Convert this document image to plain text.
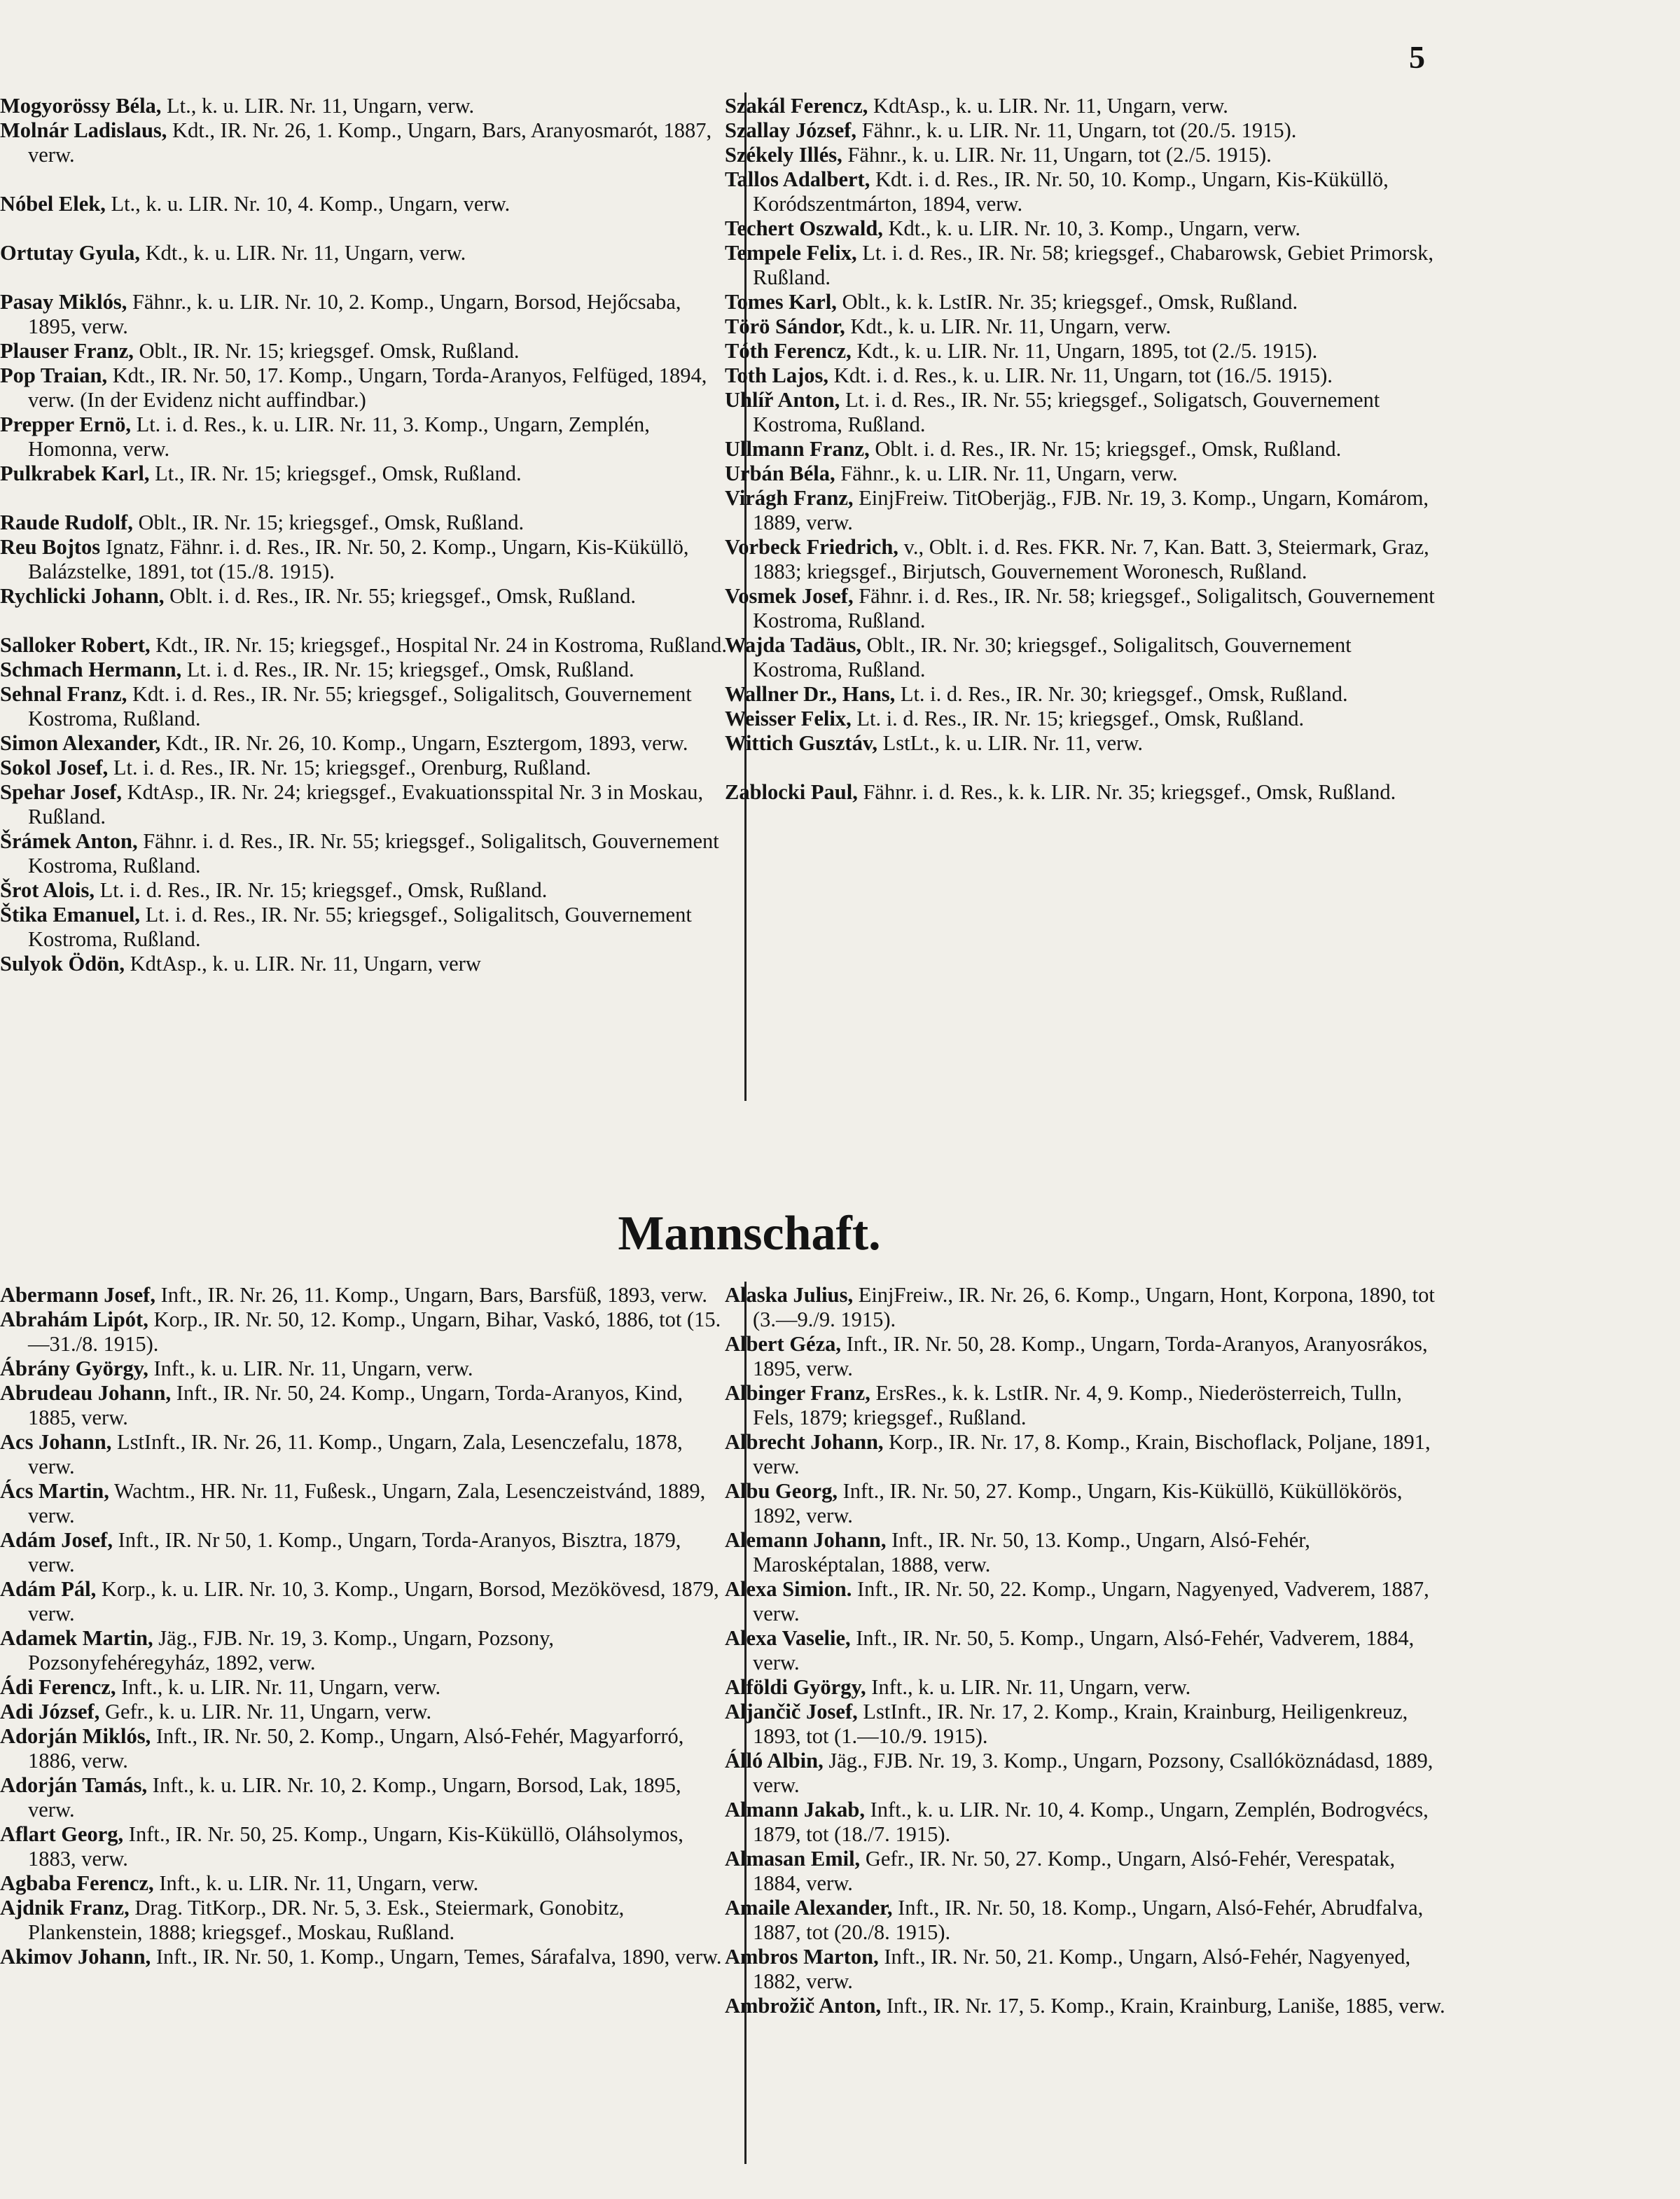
5
Mogyorössy Béla, Lt., k. u. LIR. Nr. 11, Ungarn, verw.
Molnár Ladislaus, Kdt., IR. Nr. 26, 1. Komp., Ungarn, Bars, Aranyosmarót, 1887, verw.
Nóbel Elek, Lt., k. u. LIR. Nr. 10, 4. Komp., Ungarn, verw.
Ortutay Gyula, Kdt., k. u. LIR. Nr. 11, Ungarn, verw.
Pasay Miklós, Fähnr., k. u. LIR. Nr. 10, 2. Komp., Ungarn, Borsod, Hejőcsaba, 1895, verw.
Plauser Franz, Oblt., IR. Nr. 15; kriegsgef. Omsk, Rußland.
Pop Traian, Kdt., IR. Nr. 50, 17. Komp., Ungarn, Torda-Aranyos, Felfüged, 1894, verw. (In der Evidenz nicht auffindbar.)
Prepper Ernö, Lt. i. d. Res., k. u. LIR. Nr. 11, 3. Komp., Ungarn, Zemplén, Homonna, verw.
Pulkrabek Karl, Lt., IR. Nr. 15; kriegsgef., Omsk, Rußland.
Raude Rudolf, Oblt., IR. Nr. 15; kriegsgef., Omsk, Rußland.
Reu Bojtos Ignatz, Fähnr. i. d. Res., IR. Nr. 50, 2. Komp., Ungarn, Kis-Küküllö, Balázstelke, 1891, tot (15./8. 1915).
Rychlicki Johann, Oblt. i. d. Res., IR. Nr. 55; kriegsgef., Omsk, Rußland.
Salloker Robert, Kdt., IR. Nr. 15; kriegsgef., Hospital Nr. 24 in Kostroma, Rußland.
Schmach Hermann, Lt. i. d. Res., IR. Nr. 15; kriegsgef., Omsk, Rußland.
Sehnal Franz, Kdt. i. d. Res., IR. Nr. 55; kriegsgef., Soligalitsch, Gouvernement Kostroma, Rußland.
Simon Alexander, Kdt., IR. Nr. 26, 10. Komp., Ungarn, Esztergom, 1893, verw.
Sokol Josef, Lt. i. d. Res., IR. Nr. 15; kriegsgef., Orenburg, Rußland.
Spehar Josef, KdtAsp., IR. Nr. 24; kriegsgef., Evakuationsspital Nr. 3 in Moskau, Rußland.
Šrámek Anton, Fähnr. i. d. Res., IR. Nr. 55; kriegsgef., Soligalitsch, Gouvernement Kostroma, Rußland.
Šrot Alois, Lt. i. d. Res., IR. Nr. 15; kriegsgef., Omsk, Rußland.
Štika Emanuel, Lt. i. d. Res., IR. Nr. 55; kriegsgef., Soligalitsch, Gouvernement Kostroma, Rußland.
Sulyok Ödön, KdtAsp., k. u. LIR. Nr. 11, Ungarn, verw
Szakál Ferencz, KdtAsp., k. u. LIR. Nr. 11, Ungarn, verw.
Szallay József, Fähnr., k. u. LIR. Nr. 11, Ungarn, tot (20./5. 1915).
Székely Illés, Fähnr., k. u. LIR. Nr. 11, Ungarn, tot (2./5. 1915).
Tallos Adalbert, Kdt. i. d. Res., IR. Nr. 50, 10. Komp., Ungarn, Kis-Küküllö, Koródszentmárton, 1894, verw.
Techert Oszwald, Kdt., k. u. LIR. Nr. 10, 3. Komp., Ungarn, verw.
Tempele Felix, Lt. i. d. Res., IR. Nr. 58; kriegsgef., Chabarowsk, Gebiet Primorsk, Rußland.
Tomes Karl, Oblt., k. k. LstIR. Nr. 35; kriegsgef., Omsk, Rußland.
Törö Sándor, Kdt., k. u. LIR. Nr. 11, Ungarn, verw.
Tóth Ferencz, Kdt., k. u. LIR. Nr. 11, Ungarn, 1895, tot (2./5. 1915).
Toth Lajos, Kdt. i. d. Res., k. u. LIR. Nr. 11, Ungarn, tot (16./5. 1915).
Uhlíř Anton, Lt. i. d. Res., IR. Nr. 55; kriegsgef., Soligatsch, Gouvernement Kostroma, Rußland.
Ullmann Franz, Oblt. i. d. Res., IR. Nr. 15; kriegsgef., Omsk, Rußland.
Urbán Béla, Fähnr., k. u. LIR. Nr. 11, Ungarn, verw.
Virágh Franz, EinjFreiw. TitOberjäg., FJB. Nr. 19, 3. Komp., Ungarn, Komárom, 1889, verw.
Vorbeck Friedrich, v., Oblt. i. d. Res. FKR. Nr. 7, Kan. Batt. 3, Steiermark, Graz, 1883; kriegsgef., Birjutsch, Gouvernement Woronesch, Rußland.
Vosmek Josef, Fähnr. i. d. Res., IR. Nr. 58; kriegsgef., Soligalitsch, Gouvernement Kostroma, Rußland.
Wajda Tadäus, Oblt., IR. Nr. 30; kriegsgef., Soligalitsch, Gouvernement Kostroma, Rußland.
Wallner Dr., Hans, Lt. i. d. Res., IR. Nr. 30; kriegsgef., Omsk, Rußland.
Weisser Felix, Lt. i. d. Res., IR. Nr. 15; kriegsgef., Omsk, Rußland.
Wittich Gusztáv, LstLt., k. u. LIR. Nr. 11, verw.
Zablocki Paul, Fähnr. i. d. Res., k. k. LIR. Nr. 35; kriegsgef., Omsk, Rußland.
Mannschaft.
Abermann Josef, Inft., IR. Nr. 26, 11. Komp., Ungarn, Bars, Barsfüß, 1893, verw.
Abrahám Lipót, Korp., IR. Nr. 50, 12. Komp., Ungarn, Bihar, Vaskó, 1886, tot (15.—31./8. 1915).
Ábrány György, Inft., k. u. LIR. Nr. 11, Ungarn, verw.
Abrudeau Johann, Inft., IR. Nr. 50, 24. Komp., Ungarn, Torda-Aranyos, Kind, 1885, verw.
Acs Johann, LstInft., IR. Nr. 26, 11. Komp., Ungarn, Zala, Lesenczefalu, 1878, verw.
Ács Martin, Wachtm., HR. Nr. 11, Fußesk., Ungarn, Zala, Lesenczeistvánd, 1889, verw.
Adám Josef, Inft., IR. Nr 50, 1. Komp., Ungarn, Torda-Aranyos, Bisztra, 1879, verw.
Adám Pál, Korp., k. u. LIR. Nr. 10, 3. Komp., Ungarn, Borsod, Mezökövesd, 1879, verw.
Adamek Martin, Jäg., FJB. Nr. 19, 3. Komp., Ungarn, Pozsony, Pozsonyfehéregyház, 1892, verw.
Ádi Ferencz, Inft., k. u. LIR. Nr. 11, Ungarn, verw.
Adi József, Gefr., k. u. LIR. Nr. 11, Ungarn, verw.
Adorján Miklós, Inft., IR. Nr. 50, 2. Komp., Ungarn, Alsó-Fehér, Magyarforró, 1886, verw.
Adorján Tamás, Inft., k. u. LIR. Nr. 10, 2. Komp., Ungarn, Borsod, Lak, 1895, verw.
Aflart Georg, Inft., IR. Nr. 50, 25. Komp., Ungarn, Kis-Küküllö, Oláhsolymos, 1883, verw.
Agbaba Ferencz, Inft., k. u. LIR. Nr. 11, Ungarn, verw.
Ajdnik Franz, Drag. TitKorp., DR. Nr. 5, 3. Esk., Steiermark, Gonobitz, Plankenstein, 1888; kriegsgef., Moskau, Rußland.
Akimov Johann, Inft., IR. Nr. 50, 1. Komp., Ungarn, Temes, Sárafalva, 1890, verw.
Alaska Julius, EinjFreiw., IR. Nr. 26, 6. Komp., Ungarn, Hont, Korpona, 1890, tot (3.—9./9. 1915).
Albert Géza, Inft., IR. Nr. 50, 28. Komp., Ungarn, Torda-Aranyos, Aranyosrákos, 1895, verw.
Albinger Franz, ErsRes., k. k. LstIR. Nr. 4, 9. Komp., Niederösterreich, Tulln, Fels, 1879; kriegsgef., Rußland.
Albrecht Johann, Korp., IR. Nr. 17, 8. Komp., Krain, Bischoflack, Poljane, 1891, verw.
Albu Georg, Inft., IR. Nr. 50, 27. Komp., Ungarn, Kis-Küküllö, Küküllökörös, 1892, verw.
Alemann Johann, Inft., IR. Nr. 50, 13. Komp., Ungarn, Alsó-Fehér, Marosképtalan, 1888, verw.
Alexa Simion. Inft., IR. Nr. 50, 22. Komp., Ungarn, Nagyenyed, Vadverem, 1887, verw.
Alexa Vaselie, Inft., IR. Nr. 50, 5. Komp., Ungarn, Alsó-Fehér, Vadverem, 1884, verw.
Alföldi György, Inft., k. u. LIR. Nr. 11, Ungarn, verw.
Aljančič Josef, LstInft., IR. Nr. 17, 2. Komp., Krain, Krainburg, Heiligenkreuz, 1893, tot (1.—10./9. 1915).
Álló Albin, Jäg., FJB. Nr. 19, 3. Komp., Ungarn, Pozsony, Csallóköznádasd, 1889, verw.
Almann Jakab, Inft., k. u. LIR. Nr. 10, 4. Komp., Ungarn, Zemplén, Bodrogvécs, 1879, tot (18./7. 1915).
Almasan Emil, Gefr., IR. Nr. 50, 27. Komp., Ungarn, Alsó-Fehér, Verespatak, 1884, verw.
Amaile Alexander, Inft., IR. Nr. 50, 18. Komp., Ungarn, Alsó-Fehér, Abrudfalva, 1887, tot (20./8. 1915).
Ambros Marton, Inft., IR. Nr. 50, 21. Komp., Ungarn, Alsó-Fehér, Nagyenyed, 1882, verw.
Ambrožič Anton, Inft., IR. Nr. 17, 5. Komp., Krain, Krainburg, Laniše, 1885, verw.
